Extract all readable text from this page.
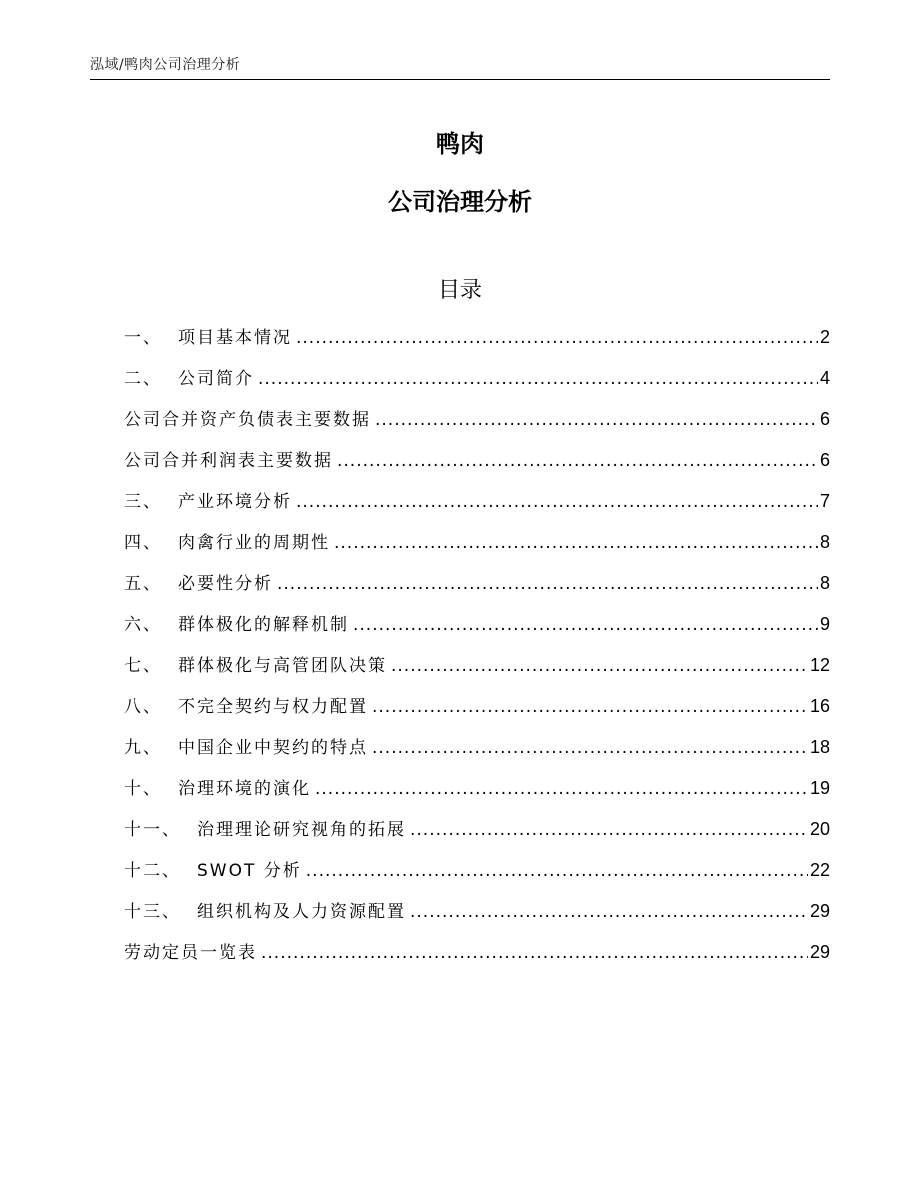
泓域/鸭肉公司治理分析
鸭肉
公司治理分析
目录
一、 项目基本情况 .....	2
二、 公司简介 .....	4
公司合并资产负债表主要数据 .....	6
公司合并利润表主要数据 .....	6
三、 产业环境分析 .....	7
四、 肉禽行业的周期性 .....	8
五、 必要性分析 .....	8
六、 群体极化的解释机制 .....	9
七、 群体极化与高管团队决策 .....	12
八、 不完全契约与权力配置 .....	16
九、 中国企业中契约的特点 .....	18
十、 治理环境的演化 .....	19
十一、 治理理论研究视角的拓展 .....	20
十二、 SWOT 分析 .....	22
十三、 组织机构及人力资源配置 .....	29
劳动定员一览表 .....	29
